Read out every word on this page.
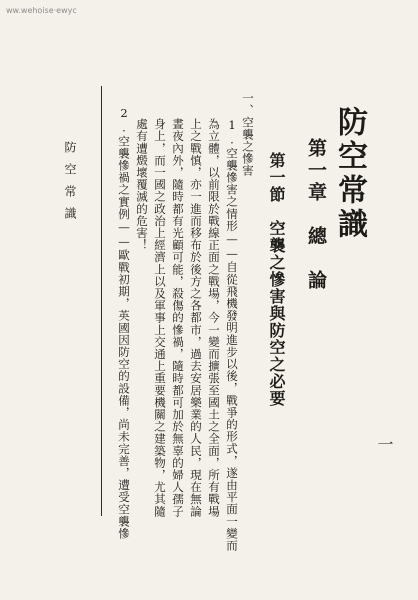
ww.wehoise·ewyc
防空常識	防空常識
第一章　總　論
第一節　空襲之慘害與防空之必要
一、空襲之慘害
1.空襲慘害之情形——自從飛機發明進步以後，戰爭的形式，遂由平面一變而
為立體，以前限於戰線正面之戰場，今一變而擴張至國土之全面，所有戰場
上之戰慎，亦一進而移布於後方之各都市，過去安居樂業的人民，現在無論
晝夜內外，隨時都有光顧可能，殺傷的慘禍，隨時都可加於無辜的婦人孺子
身上，而一國之政治上經濟上以及軍事上交通上重要機關之建築物，尤其隨
處有遭燬壞覆滅的危害！
2.空襲慘禍之實例——歐戰初期，英國因防空的設備，尚未完善，遭受空襲慘	一
